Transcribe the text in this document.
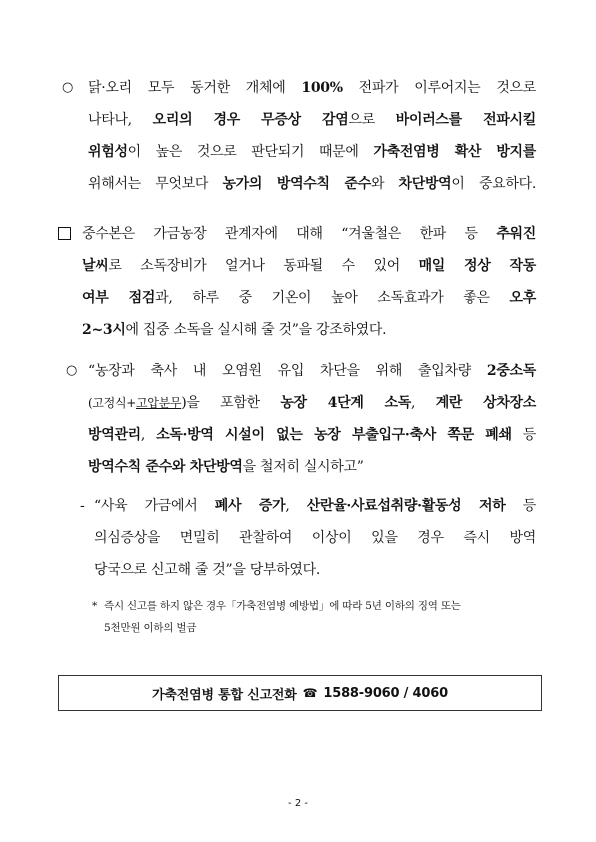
○ 닭·오리 모두 동거한 개체에 100% 전파가 이루어지는 것으로
나타나, 오리의 경우 무증상 감염으로 바이러스를 전파시킬
위험성이 높은 것으로 판단되기 때문에 가축전염병 확산 방지를
위해서는 무엇보다 농가의 방역수칙 준수와 차단방역이 중요하다.
중수본은 가금농장 관계자에 대해 “겨울철은 한파 등 추워진
날씨로 소독장비가 얼거나 동파될 수 있어 매일 정상 작동
여부 점검과, 하루 중 기온이 높아 소독효과가 좋은 오후
2~3시에 집중 소독을 실시해 줄 것”을 강조하였다.
○ “농장과 축사 내 오염원 유입 차단을 위해 출입차량 2중소독
(고정식+고압분무)을 포함한 농장 4단계 소독, 계란 상차장소
방역관리, 소독·방역 시설이 없는 농장 부출입구·축사 쪽문 폐쇄 등
방역수칙 준수와 차단방역을 철저히 실시하고”
- “사육 가금에서 폐사 증가, 산란율·사료섭취량·활동성 저하 등
의심증상을 면밀히 관찰하여 이상이 있을 경우 즉시 방역
당국으로 신고해 줄 것”을 당부하였다.
* 즉시 신고를 하지 않은 경우「가축전염병 예방법」에 따라 5년 이하의 징역 또는
5천만원 이하의 벌금
가축전염병 통합 신고전화 ☎ 1588-9060 / 4060
- 2 -
